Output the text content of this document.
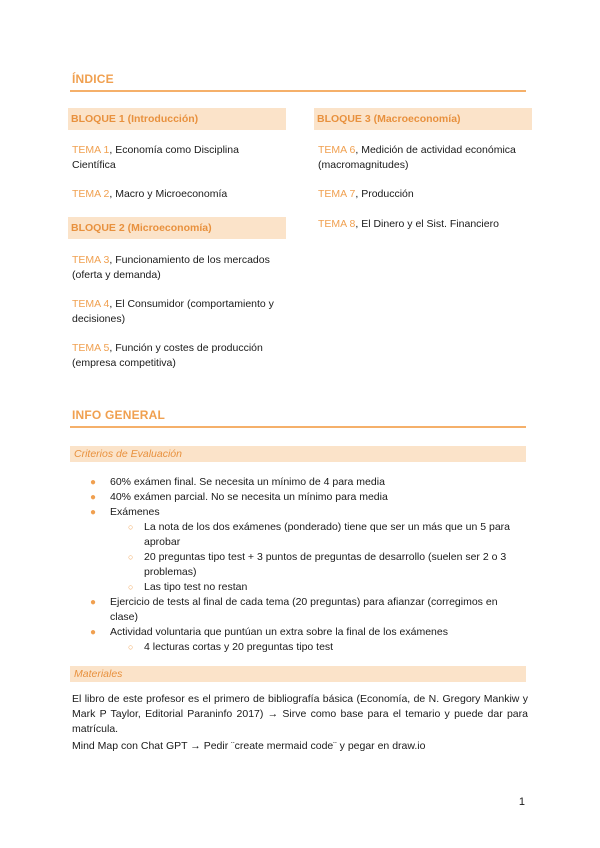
ÍNDICE
BLOQUE 1 (Introducción)
TEMA 1, Economía como Disciplina Científica
TEMA 2, Macro y Microeconomía
BLOQUE 2 (Microeconomía)
TEMA 3, Funcionamiento de los mercados (oferta y demanda)
TEMA 4, El Consumidor (comportamiento y decisiones)
TEMA 5, Función y costes de producción (empresa competitiva)
BLOQUE 3 (Macroeconomía)
TEMA 6, Medición de actividad económica (macromagnitudes)
TEMA 7, Producción
TEMA 8, El Dinero y el Sist. Financiero
INFO GENERAL
Criterios de Evaluación
● 60% exámen final. Se necesita un mínimo de 4 para media
● 40% exámen parcial. No se necesita un mínimo para media
● Exámenes
○ La nota de los dos exámenes (ponderado) tiene que ser un más que un 5 para aprobar
○ 20 preguntas tipo test + 3 puntos de preguntas de desarrollo (suelen ser 2 o 3 problemas)
○ Las tipo test no restan
● Ejercicio de tests al final de cada tema (20 preguntas) para afianzar (corregimos en clase)
● Actividad voluntaria que puntúan un extra sobre la final de los exámenes
○ 4 lecturas cortas y 20 preguntas tipo test
Materiales
El libro de este profesor es el primero de bibliografía básica (Economía, de N. Gregory Mankiw y Mark P Taylor, Editorial Paraninfo 2017) → Sirve como base para el temario y puede dar para matrícula.
Mind Map con Chat GPT → Pedir ¨create mermaid code¨ y pegar en draw.io
1
